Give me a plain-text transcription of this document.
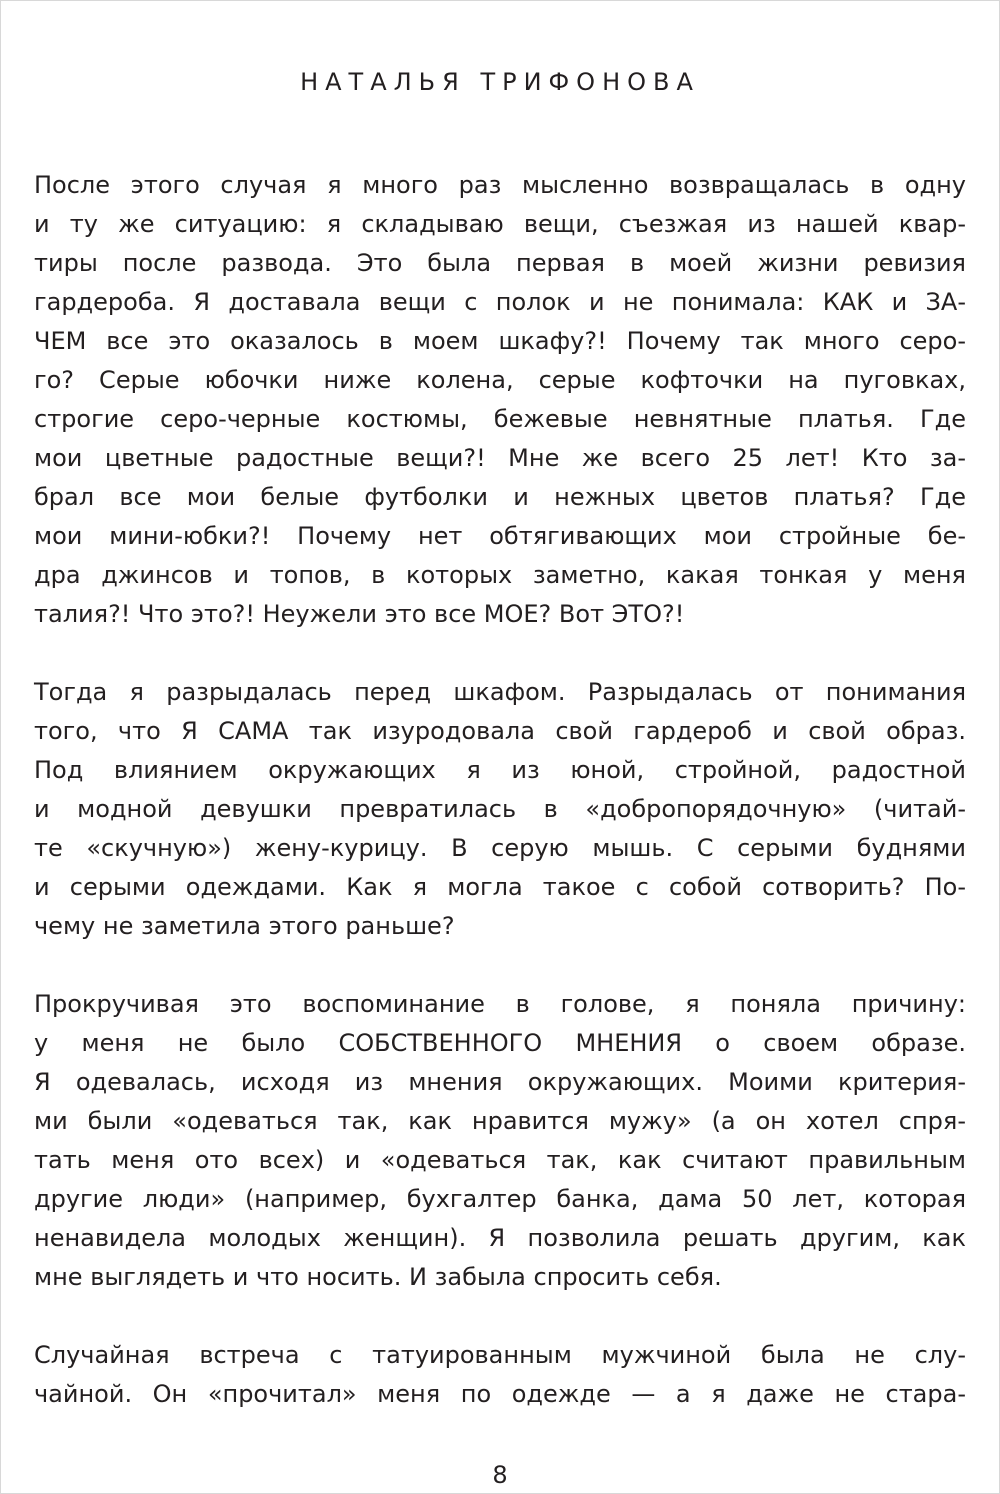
НАТАЛЬЯ ТРИФОНОВА
После этого случая я много раз мысленно возвращалась в одну
и ту же ситуацию: я складываю вещи, съезжая из нашей квар-
тиры после развода. Это была первая в моей жизни ревизия
гардероба. Я доставала вещи с полок и не понимала: КАК и ЗА-
ЧЕМ все это оказалось в моем шкафу?! Почему так много серо-
го? Серые юбочки ниже колена, серые кофточки на пуговках,
строгие серо-черные костюмы, бежевые невнятные платья. Где
мои цветные радостные вещи?! Мне же всего 25 лет! Кто за-
брал все мои белые футболки и нежных цветов платья? Где
мои мини-юбки?! Почему нет обтягивающих мои стройные бе-
дра джинсов и топов, в которых заметно, какая тонкая у меня
талия?! Что это?! Неужели это все МОЕ? Вот ЭТО?!
Тогда я разрыдалась перед шкафом. Разрыдалась от понимания
того, что Я САМА так изуродовала свой гардероб и свой образ.
Под влиянием окружающих я из юной, стройной, радостной
и модной девушки превратилась в «добропорядочную» (читай-
те «скучную») жену-курицу. В серую мышь. С серыми буднями
и серыми одеждами. Как я могла такое с собой сотворить? По-
чему не заметила этого раньше?
Прокручивая это воспоминание в голове, я поняла причину:
у меня не было СОБСТВЕННОГО МНЕНИЯ о своем образе.
Я одевалась, исходя из мнения окружающих. Моими критерия-
ми были «одеваться так, как нравится мужу» (а он хотел спря-
тать меня ото всех) и «одеваться так, как считают правильным
другие люди» (например, бухгалтер банка, дама 50 лет, которая
ненавидела молодых женщин). Я позволила решать другим, как
мне выглядеть и что носить. И забыла спросить себя.
Случайная встреча с татуированным мужчиной была не слу-
чайной. Он «прочитал» меня по одежде — а я даже не стара-
8
